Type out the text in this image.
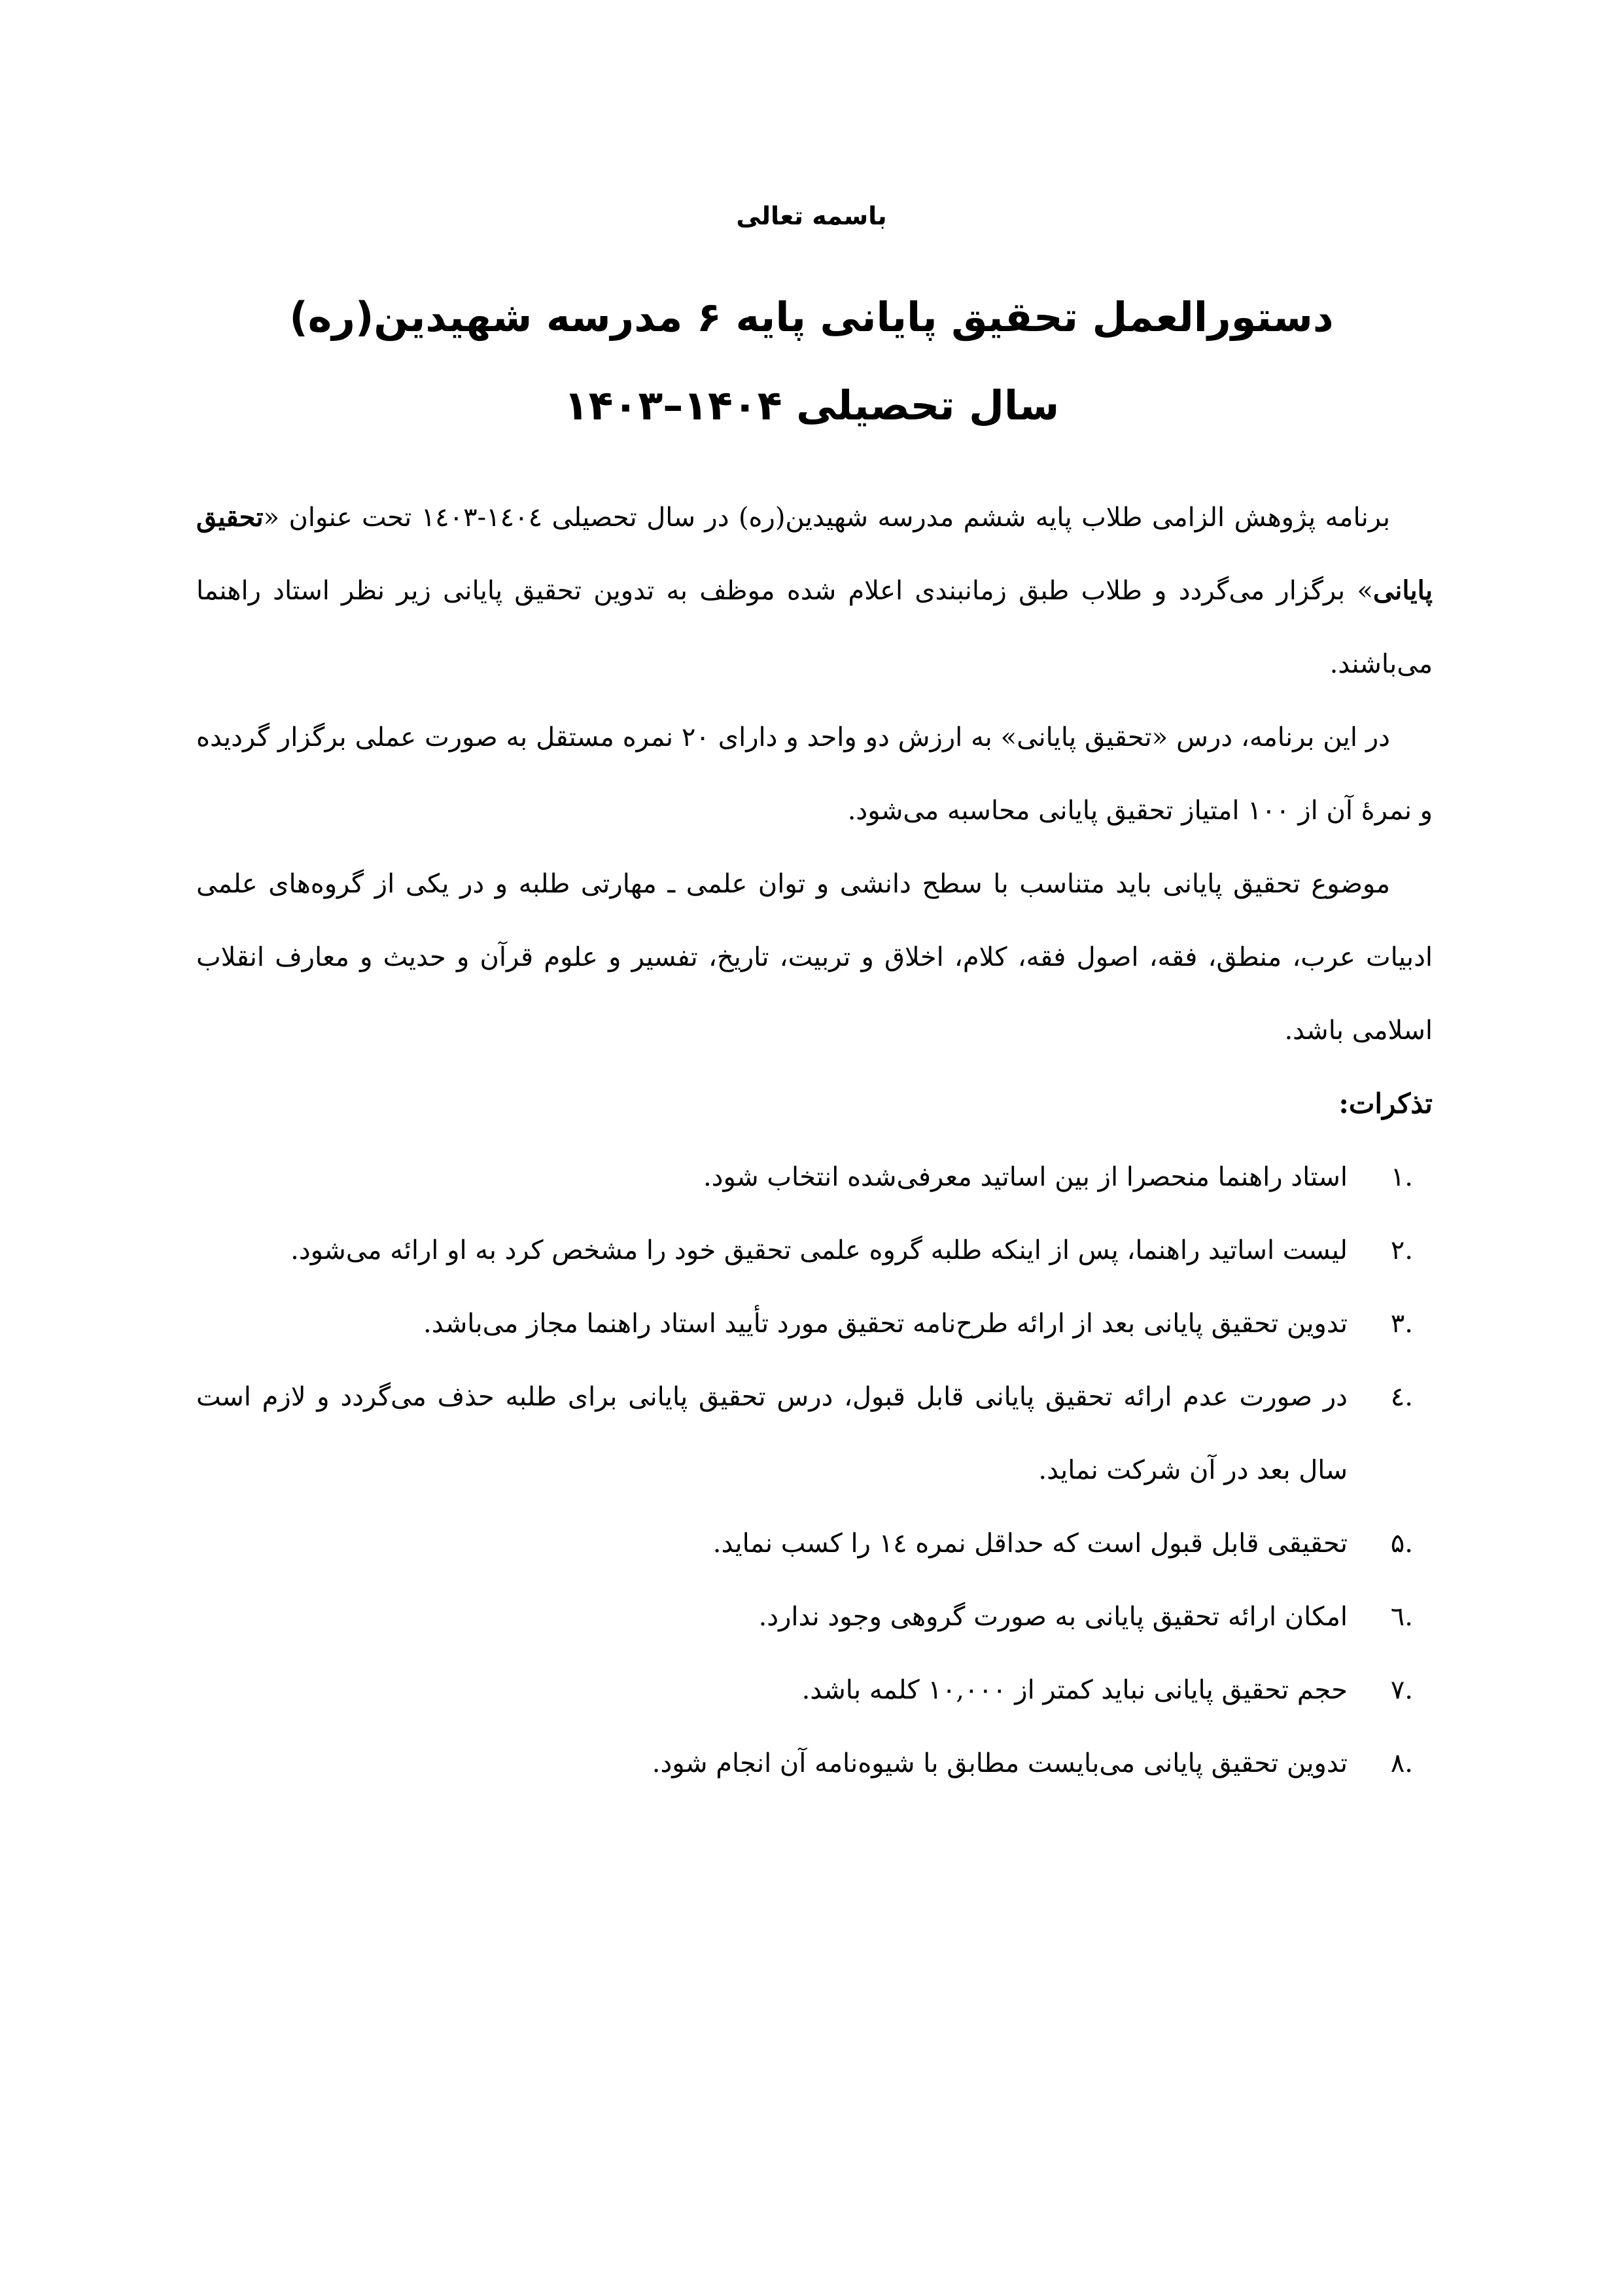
باسمه تعالی
دستورالعمل تحقیق پایانی پایه ۶ مدرسه شهیدین(ره)
سال تحصیلی ۱۴۰۴–۱۴۰۳

برنامه پژوهش الزامی طلاب پایه ششم مدرسه شهیدین(ره) در سال تحصیلی ۱٤۰٤-۱٤۰۳ تحت عنوان «تحقیق پایانی» برگزار می‌گردد و طلاب طبق زمانبندی اعلام شده موظف به تدوین تحقیق پایانی زیر نظر استاد راهنما می‌باشند.

در این برنامه، درس «تحقیق پایانی» به ارزش دو واحد و دارای ۲۰ نمره مستقل به صورت عملی برگزار گردیده و نمرهٔ آن از ۱۰۰ امتیاز تحقیق پایانی محاسبه می‌شود.

موضوع تحقیق پایانی باید متناسب با سطح دانشی و توان علمی ـ مهارتی طلبه و در یکی از گروه‌های علمی ادبیات عرب، منطق، فقه، اصول فقه، کلام، اخلاق و تربیت، تاریخ، تفسیر و علوم قرآن و حدیث و معارف انقلاب اسلامی باشد.

تذکرات:

.۱
استاد راهنما منحصرا از بین اساتید معرفی‌شده انتخاب شود.
.۲
لیست اساتید راهنما، پس از اینکه طلبه گروه علمی تحقیق خود را مشخص کرد به او ارائه می‌شود.
.۳
تدوین تحقیق پایانی بعد از ارائه طرح‌نامه تحقیق مورد تأیید استاد راهنما مجاز می‌باشد.
.٤
در صورت عدم ارائه تحقیق پایانی قابل قبول، درس تحقیق پایانی برای طلبه حذف می‌گردد و لازم است سال بعد در آن شرکت نماید.
.۵
تحقیقی قابل قبول است که حداقل نمره ١٤ را کسب نماید.
.٦
امکان ارائه تحقیق پایانی به صورت گروهی وجود ندارد.
.۷
حجم تحقیق پایانی نباید کمتر از ۱۰,۰۰۰ کلمه باشد.
.۸
تدوین تحقیق پایانی می‌بایست مطابق با شیوه‌نامه آن انجام شود.
